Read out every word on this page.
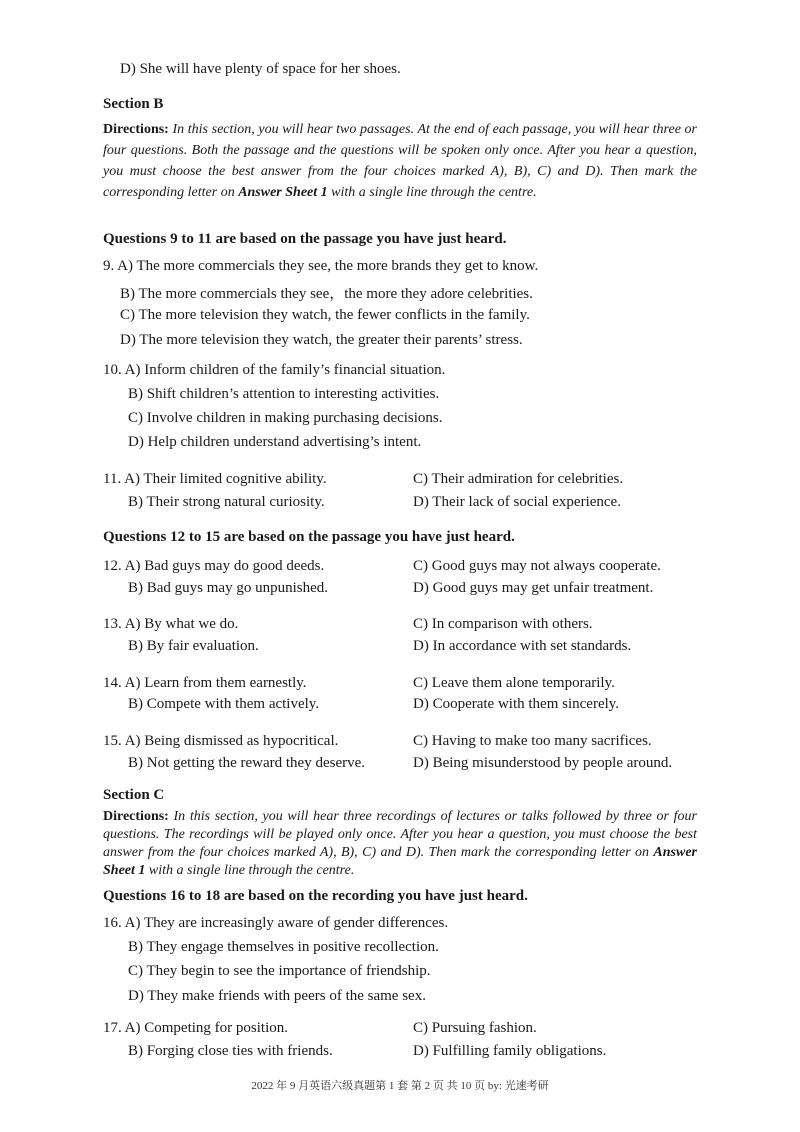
D) She will have plenty of space for her shoes.
Section B
Directions: In this section, you will hear two passages. At the end of each passage, you will hear three or four questions. Both the passage and the questions will be spoken only once. After you hear a question, you must choose the best answer from the four choices marked A), B), C) and D). Then mark the corresponding letter on Answer Sheet 1 with a single line through the centre.
Questions 9 to 11 are based on the passage you have just heard.
9. A) The more commercials they see, the more brands they get to know.
B) The more commercials they see，the more they adore celebrities.
C) The more television they watch, the fewer conflicts in the family.
D) The more television they watch, the greater their parents’ stress.
10. A) Inform children of the family’s financial situation.
B) Shift children’s attention to interesting activities.
C) Involve children in making purchasing decisions.
D) Help children understand advertising’s intent.
11. A) Their limited cognitive ability.
B) Their strong natural curiosity.
C) Their admiration for celebrities.
D) Their lack of social experience.
Questions 12 to 15 are based on the passage you have just heard.
12. A) Bad guys may do good deeds.
B) Bad guys may go unpunished.
C) Good guys may not always cooperate.
D) Good guys may get unfair treatment.
13. A) By what we do.
B) By fair evaluation.
C) In comparison with others.
D) In accordance with set standards.
14. A) Learn from them earnestly.
B) Compete with them actively.
C) Leave them alone temporarily.
D) Cooperate with them sincerely.
15. A) Being dismissed as hypocritical.
B) Not getting the reward they deserve.
C) Having to make too many sacrifices.
D) Being misunderstood by people around.
Section C
Directions: In this section, you will hear three recordings of lectures or talks followed by three or four questions. The recordings will be played only once. After you hear a question, you must choose the best answer from the four choices marked A), B), C) and D). Then mark the corresponding letter on Answer Sheet 1 with a single line through the centre.
Questions 16 to 18 are based on the recording you have just heard.
16. A) They are increasingly aware of gender differences.
B) They engage themselves in positive recollection.
C) They begin to see the importance of friendship.
D) They make friends with peers of the same sex.
17. A) Competing for position.
B) Forging close ties with friends.
C) Pursuing fashion.
D) Fulfilling family obligations.
2022 年 9 月英语六级真题第 1 套 第 2 页 共 10 页 by: 光速考研
